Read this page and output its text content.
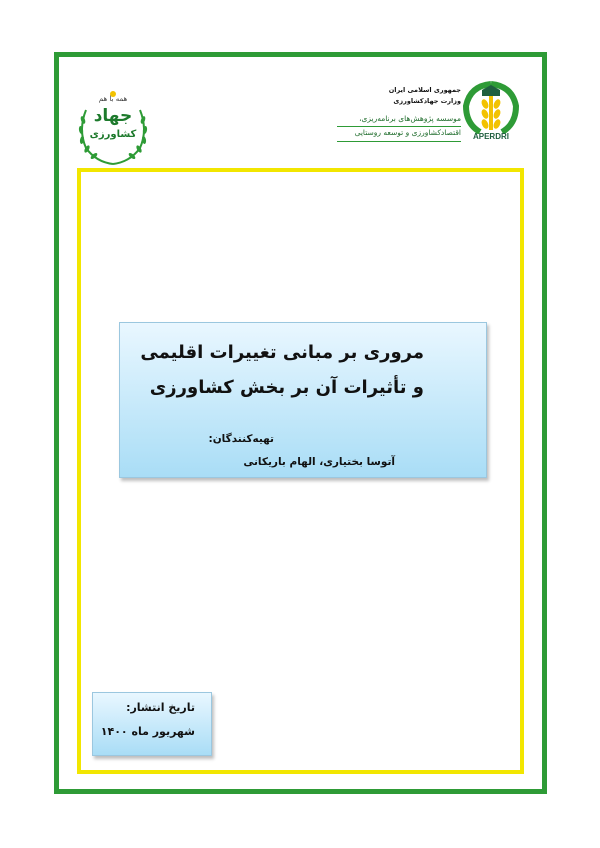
همه با هم
جهاد
کشاورزی
جمهوری اسلامی ایران
وزارت جهادکشاورزی
موسسه پژوهش‌های برنامه‌ریزی،
اقتصادکشاورزی و توسعه روستایی	APERDRI
مروری بر مبانی تغییرات اقلیمی
و تأثیرات آن بر بخش کشاورزی
تهیه‌کنندگان:
آتوسا بختیاری، الهام باریکانی
تاریخ انتشار:
شهریور ماه ۱۴۰۰
